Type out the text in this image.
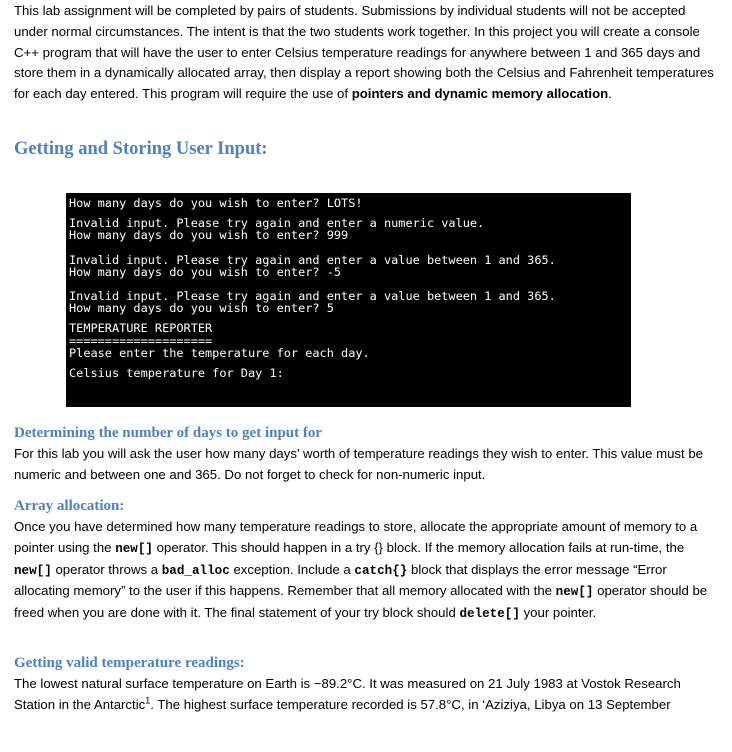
This lab assignment will be completed by pairs of students. Submissions by individual students will not be accepted under normal circumstances. The intent is that the two students work together. In this project you will create a console C++ program that will have the user to enter Celsius temperature readings for anywhere between 1 and 365 days and store them in a dynamically allocated array, then display a report showing both the Celsius and Fahrenheit temperatures for each day entered. This program will require the use of pointers and dynamic memory allocation.

Getting and Storing User Input:
How many days do you wish to enter? LOTS!
Invalid input. Please try again and enter a numeric value.
How many days do you wish to enter? 999
Invalid input. Please try again and enter a value between 1 and 365.
How many days do you wish to enter? -5
Invalid input. Please try again and enter a value between 1 and 365.
How many days do you wish to enter? 5
TEMPERATURE REPORTER
====================
Please enter the temperature for each day.
Celsius temperature for Day 1:
Determining the number of days to get input for

For this lab you will ask the user how many days’ worth of temperature readings they wish to enter. This value must be numeric and between one and 365. Do not forget to check for non-numeric input.

Array allocation:

Once you have determined how many temperature readings to store, allocate the appropriate amount of memory to a pointer using the new[] operator. This should happen in a try {} block. If the memory allocation fails at run-time, the new[] operator throws a bad_alloc exception. Include a catch{} block that displays the error message “Error allocating memory” to the user if this happens. Remember that all memory allocated with the new[] operator should be freed when you are done with it. The final statement of your try block should delete[] your pointer.

Getting valid temperature readings:

The lowest natural surface temperature on Earth is −89.2°C. It was measured on 21 July 1983 at Vostok Research Station in the Antarctic$^1$. The highest surface temperature recorded is 57.8°C, in ‘Aziziya, Libya on 13 September
